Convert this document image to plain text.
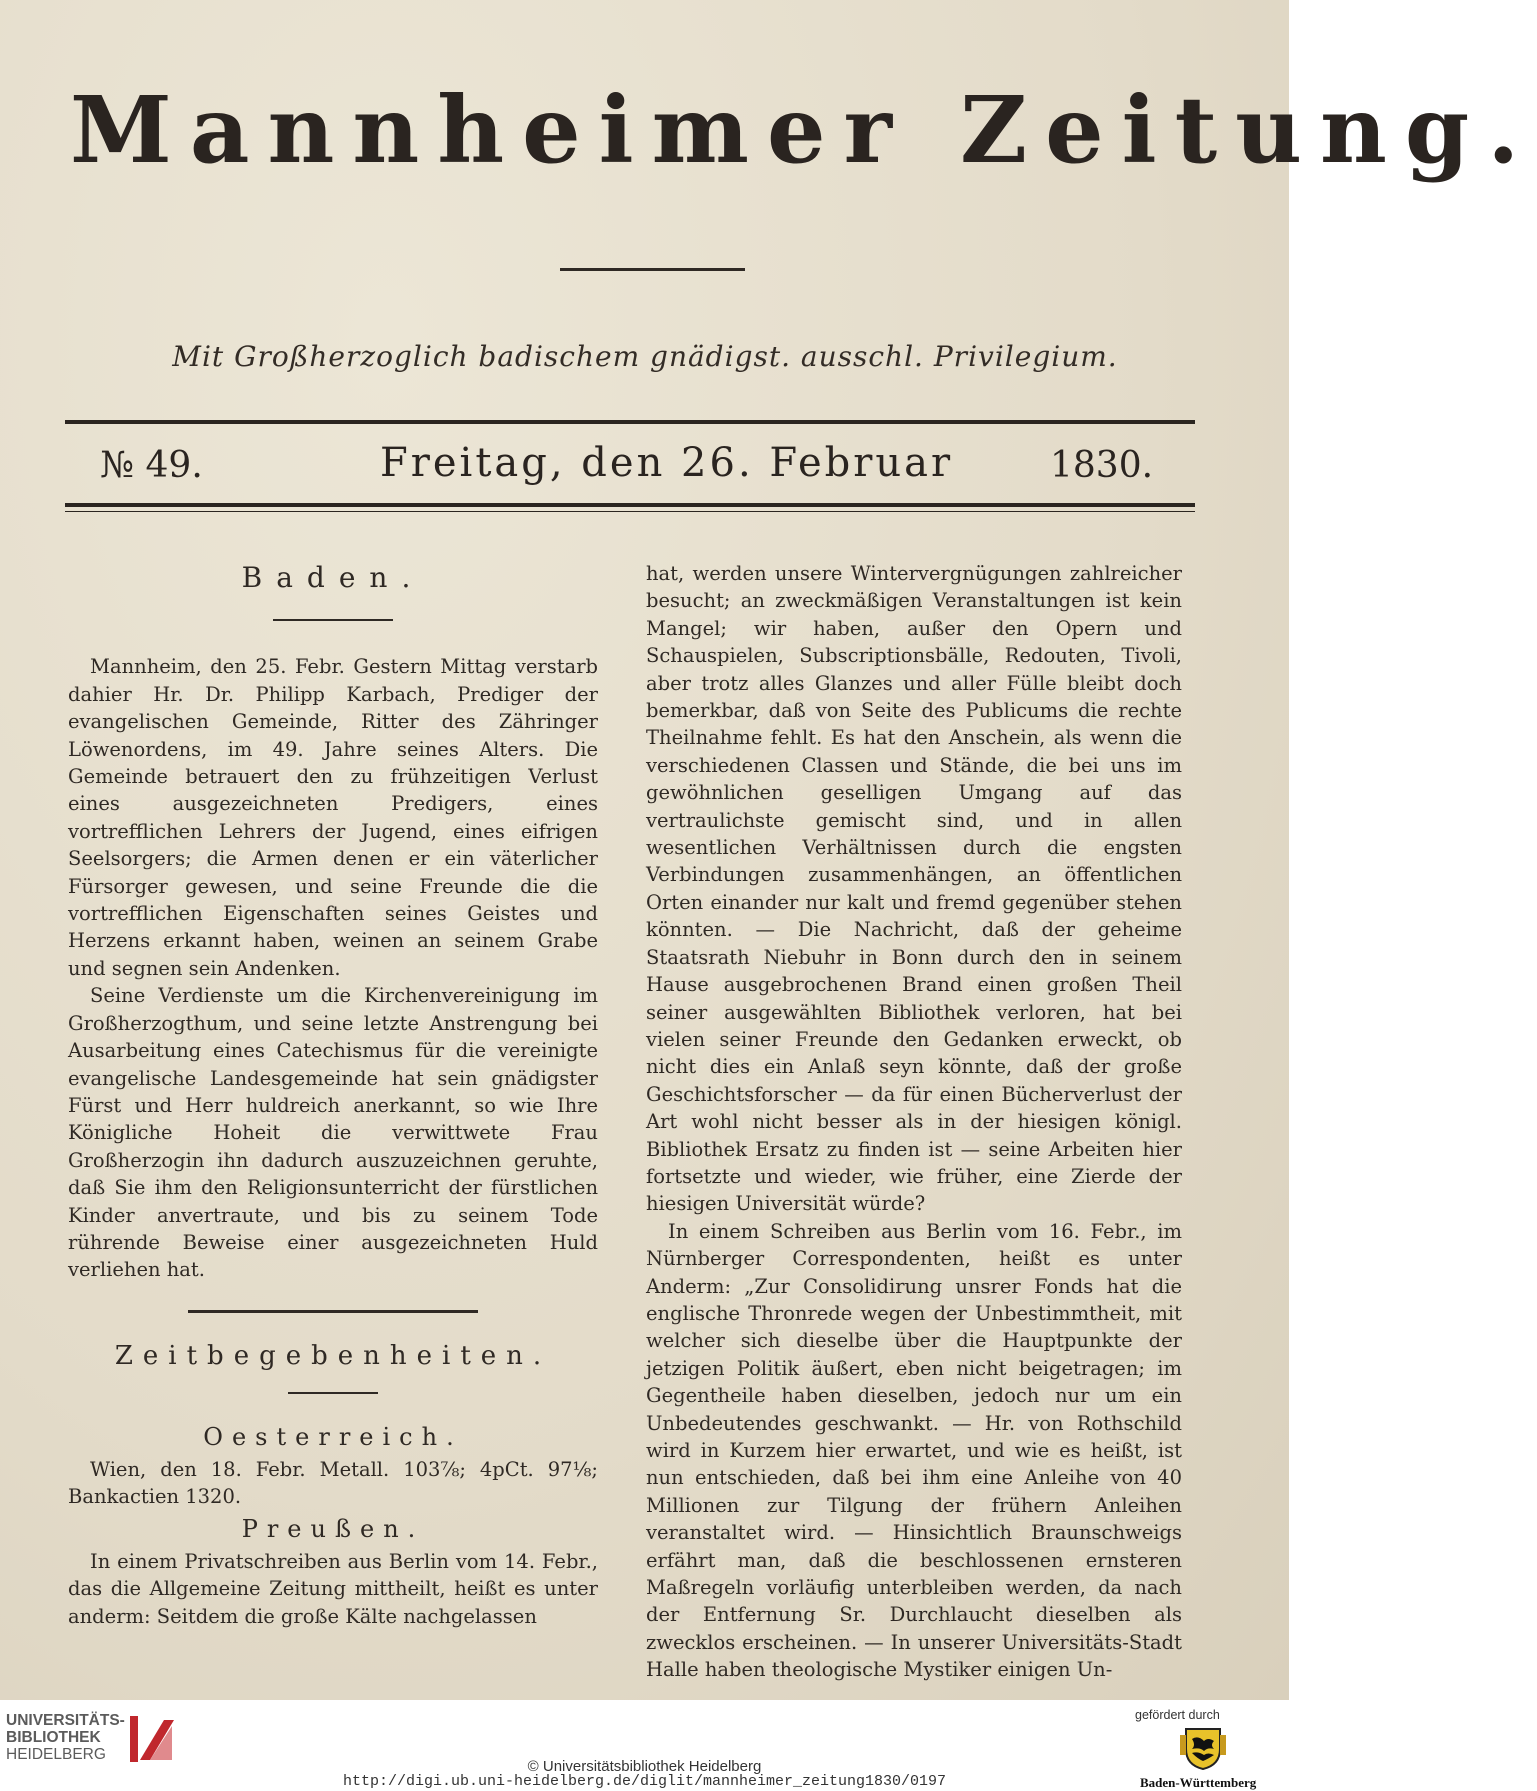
Mannheimer Zeitung.
Mit Großherzoglich badischem gnädigst. ausschl. Privilegium.
№ 49.	Freitag, den 26. Februar	1830.
Baden.

Mannheim, den 25. Febr. Gestern Mittag verstarb dahier Hr. Dr. Philipp Karbach, Prediger der evangelischen Gemeinde, Ritter des Zähringer Löwenordens, im 49. Jahre seines Alters. Die Gemeinde betrauert den zu frühzeitigen Verlust eines ausgezeichneten Predigers, eines vortrefflichen Lehrers der Jugend, eines eifrigen Seelsorgers; die Armen denen er ein väterlicher Fürsorger gewesen, und seine Freunde die die vortrefflichen Eigenschaften seines Geistes und Herzens erkannt haben, weinen an seinem Grabe und segnen sein Andenken.

Seine Verdienste um die Kirchenvereinigung im Großherzogthum, und seine letzte Anstrengung bei Ausarbeitung eines Catechismus für die vereinigte evangelische Landesgemeinde hat sein gnädigster Fürst und Herr huldreich anerkannt, so wie Ihre Königliche Hoheit die verwittwete Frau Großherzogin ihn dadurch auszuzeichnen geruhte, daß Sie ihm den Religionsunterricht der fürstlichen Kinder anvertraute, und bis zu seinem Tode rührende Beweise einer ausgezeichneten Huld verliehen hat.

Zeitbegebenheiten.
Oesterreich.

Wien, den 18. Febr. Metall. 103⅞; 4pCt. 97⅛; Bankactien 1320.

Preußen.

In einem Privatschreiben aus Berlin vom 14. Febr., das die Allgemeine Zeitung mittheilt, heißt es unter anderm: Seitdem die große Kälte nachgelassen

hat, werden unsere Wintervergnügungen zahlreicher besucht; an zweckmäßigen Veranstaltungen ist kein Mangel; wir haben, außer den Opern und Schauspielen, Subscriptionsbälle, Redouten, Tivoli, aber trotz alles Glanzes und aller Fülle bleibt doch bemerkbar, daß von Seite des Publicums die rechte Theilnahme fehlt. Es hat den Anschein, als wenn die verschiedenen Classen und Stände, die bei uns im gewöhnlichen geselligen Umgang auf das vertraulichste gemischt sind, und in allen wesentlichen Verhältnissen durch die engsten Verbindungen zusammenhängen, an öffentlichen Orten einander nur kalt und fremd gegenüber stehen könnten. — Die Nachricht, daß der geheime Staatsrath Niebuhr in Bonn durch den in seinem Hause ausgebrochenen Brand einen großen Theil seiner ausgewählten Bibliothek verloren, hat bei vielen seiner Freunde den Gedanken erweckt, ob nicht dies ein Anlaß seyn könnte, daß der große Geschichtsforscher — da für einen Bücherverlust der Art wohl nicht besser als in der hiesigen königl. Bibliothek Ersatz zu finden ist — seine Arbeiten hier fortsetzte und wieder, wie früher, eine Zierde der hiesigen Universität würde?

In einem Schreiben aus Berlin vom 16. Febr., im Nürnberger Correspondenten, heißt es unter Anderm: „Zur Consolidirung unsrer Fonds hat die englische Thronrede wegen der Unbestimmtheit, mit welcher sich dieselbe über die Hauptpunkte der jetzigen Politik äußert, eben nicht beigetragen; im Gegentheile haben dieselben, jedoch nur um ein Unbedeutendes geschwankt. — Hr. von Rothschild wird in Kurzem hier erwartet, und wie es heißt, ist nun entschieden, daß bei ihm eine Anleihe von 40 Millionen zur Tilgung der frühern Anleihen veranstaltet wird. — Hinsichtlich Braunschweigs erfährt man, daß die beschlossenen ernsteren Maßregeln vorläufig unterbleiben werden, da nach der Entfernung Sr. Durchlaucht dieselben als zwecklos erscheinen. — In unserer Universitäts-Stadt Halle haben theologische Mystiker einigen Un-

UNIVERSITÄTS-
BIBLIOTHEK
HEIDELBERG
© Universitätsbibliothek Heidelberg
http://digi.ub.uni-heidelberg.de/diglit/mannheimer_zeitung1830/0197
gefördert durch
Baden-Württemberg
